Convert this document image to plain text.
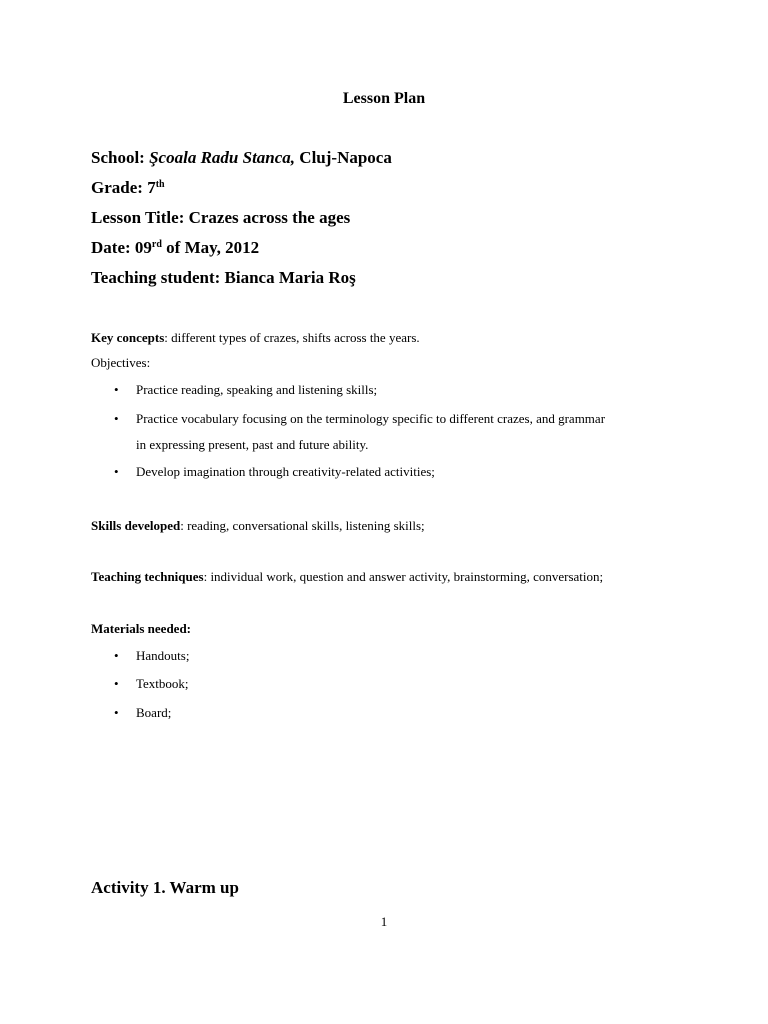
Lesson Plan
School: Şcoala Radu Stanca, Cluj-Napoca
Grade: 7th
Lesson Title: Crazes across the ages
Date: 09rd of May, 2012
Teaching student: Bianca Maria Roş
Key concepts: different types of crazes, shifts across the years.
Objectives:
• Practice reading, speaking and listening skills;
• Practice vocabulary focusing on the terminology specific to different crazes, and grammar
in expressing present, past and future ability.
• Develop imagination through creativity-related activities;
Skills developed: reading, conversational skills, listening skills;
Teaching techniques: individual work, question and answer activity, brainstorming, conversation;
Materials needed:
• Handouts;
• Textbook;
• Board;
Activity 1. Warm up
1
